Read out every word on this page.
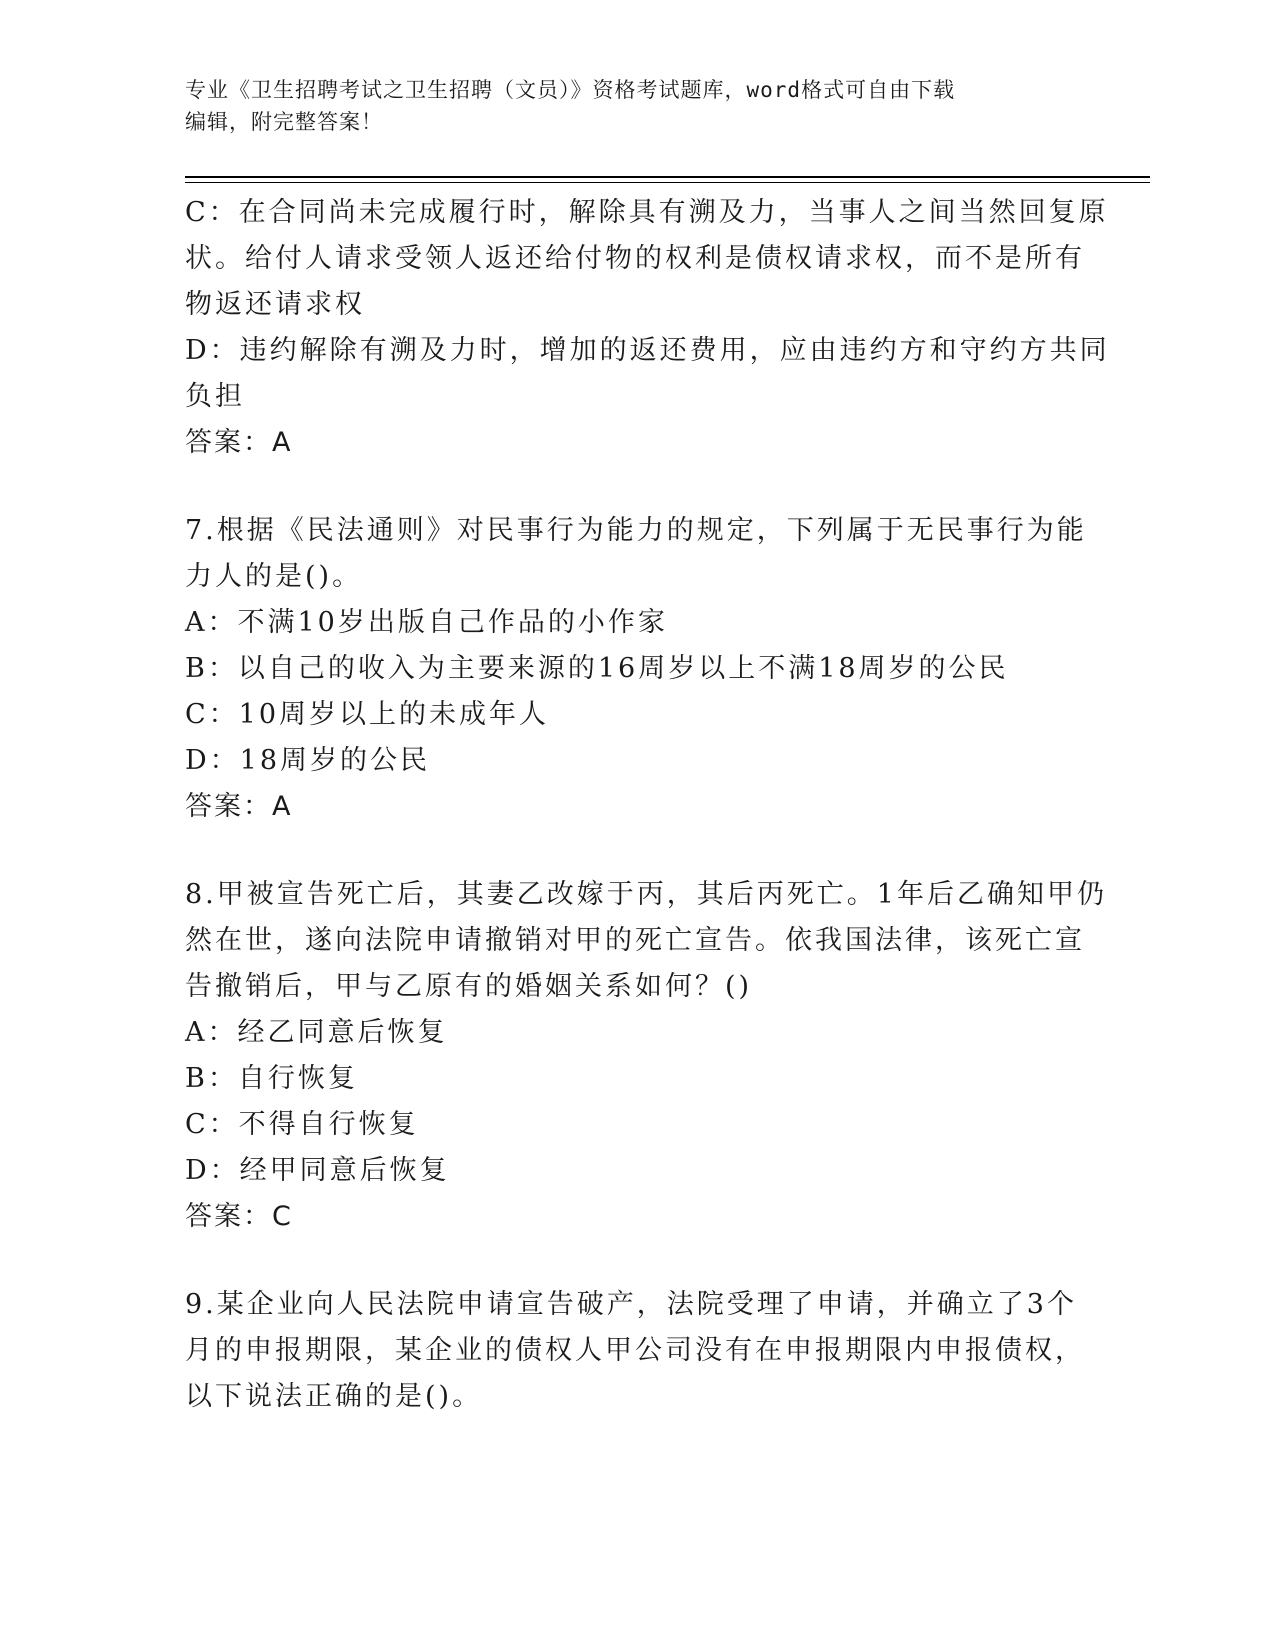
专业《卫生招聘考试之卫生招聘（文员）》资格考试题库，word格式可自由下载
编辑，附完整答案！
C：在合同尚未完成履行时，解除具有溯及力，当事人之间当然回复原
状。给付人请求受领人返还给付物的权利是债权请求权，而不是所有
物返还请求权
D：违约解除有溯及力时，增加的返还费用，应由违约方和守约方共同
负担
答案：A
7.根据《民法通则》对民事行为能力的规定，下列属于无民事行为能
力人的是()。
A：不满10岁出版自己作品的小作家
B：以自己的收入为主要来源的16周岁以上不满18周岁的公民
C：10周岁以上的未成年人
D：18周岁的公民
答案：A
8.甲被宣告死亡后，其妻乙改嫁于丙，其后丙死亡。1年后乙确知甲仍
然在世，遂向法院申请撤销对甲的死亡宣告。依我国法律，该死亡宣
告撤销后，甲与乙原有的婚姻关系如何？()
A：经乙同意后恢复
B：自行恢复
C：不得自行恢复
D：经甲同意后恢复
答案：C
9.某企业向人民法院申请宣告破产，法院受理了申请，并确立了3个
月的申报期限，某企业的债权人甲公司没有在申报期限内申报债权，
以下说法正确的是()。
